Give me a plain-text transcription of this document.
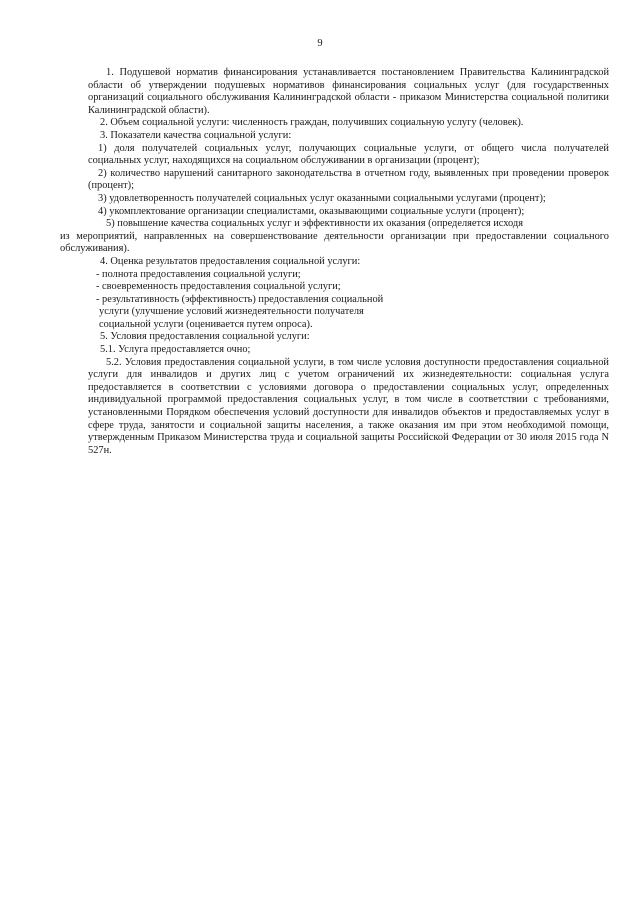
9

1. Подушевой норматив финансирования устанавливается постановлением Правительства Калининградской области об утверждении подушевых нормативов финансирования социальных услуг (для государственных организаций социального обслуживания Калининградской области - приказом Министерства социальной политики Калининградской области).

2. Объем социальной услуги: численность граждан, получивших социальную услугу (человек).

3. Показатели качества социальной услуги:

1) доля получателей социальных услуг, получающих социальные услуги, от общего числа получателей социальных услуг, находящихся на социальном обслуживании в организации (процент);

2) количество нарушений санитарного законодательства в отчетном году, выявленных при проведении проверок (процент);

3) удовлетворенность получателей социальных услуг оказанными социальными услугами (процент);

4) укомплектование организации специалистами, оказывающими социальные услуги (процент);

5) повышение качества социальных услуг и эффективности их оказания (определяется исходя

из мероприятий, направленных на совершенствование деятельности организации при предоставлении социального обслуживания).

4. Оценка результатов предоставления социальной услуги:

- полнота предоставления социальной услуги;

- своевременность предоставления социальной услуги;

- результативность (эффективность) предоставления социальной

услуги (улучшение условий жизнедеятельности получателя

социальной услуги (оценивается путем опроса).

5. Условия предоставления социальной услуги:

5.1. Услуга предоставляется очно;

5.2. Условия предоставления социальной услуги, в том числе условия доступности предоставления социальной услуги для инвалидов и других лиц с учетом ограничений их жизнедеятельности: социальная услуга предоставляется в соответствии с условиями договора о предоставлении социальных услуг, определенных индивидуальной программой предоставления социальных услуг, в том числе в соответствии с требованиями, установленными Порядком обеспечения условий доступности для инвалидов объектов и предоставляемых услуг в сфере труда, занятости и социальной защиты населения, а также оказания им при этом необходимой помощи, утвержденным Приказом Министерства труда и социальной защиты Российской Федерации от 30 июля 2015 года N 527н.
